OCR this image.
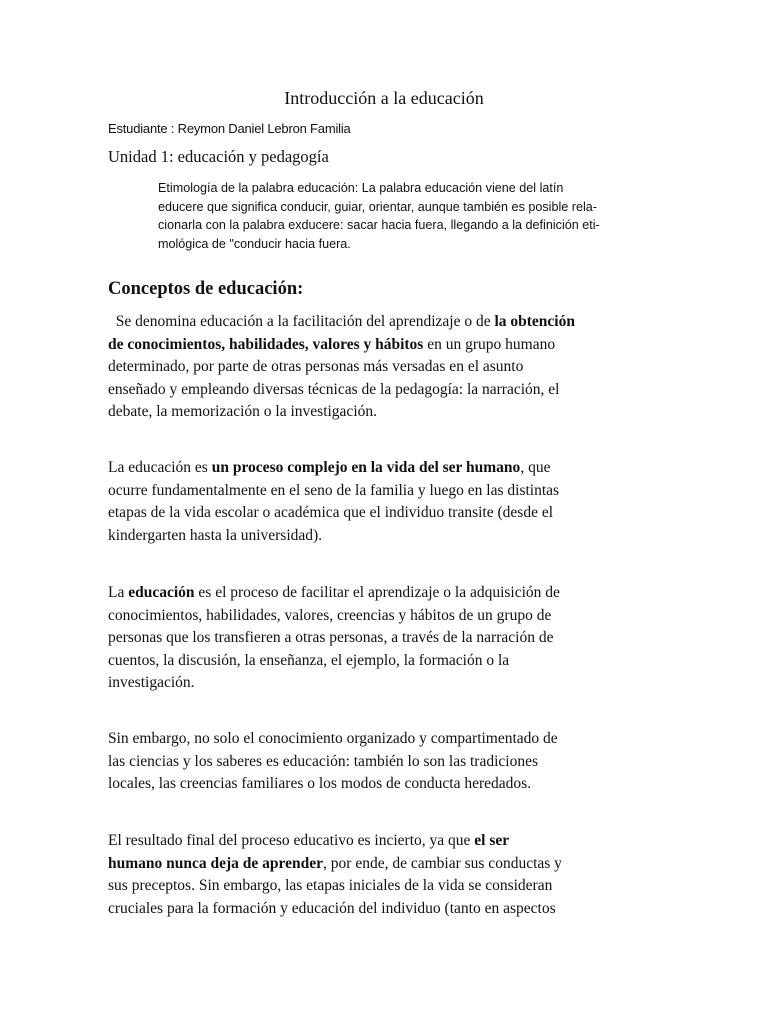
Introducción a la educación
Estudiante : Reymon Daniel Lebron Familia
Unidad 1: educación y pedagogía
Etimología de la palabra educación: La palabra educación viene del latín
educere que significa conducir, guiar, orientar, aunque también es posible rela-
cionarla con la palabra exducere: sacar hacia fuera, llegando a la definición eti-
mológica de "conducir hacia fuera.
Conceptos de educación:
Se denomina educación a la facilitación del aprendizaje o de la obtención
de conocimientos, habilidades, valores y hábitos en un grupo humano
determinado, por parte de otras personas más versadas en el asunto
enseñado y empleando diversas técnicas de la pedagogía: la narración, el
debate, la memorización o la investigación.
La educación es un proceso complejo en la vida del ser humano, que
ocurre fundamentalmente en el seno de la familia y luego en las distintas
etapas de la vida escolar o académica que el individuo transite (desde el
kindergarten hasta la universidad).
La educación es el proceso de facilitar el aprendizaje o la adquisición de
conocimientos, habilidades, valores, creencias y hábitos de un grupo de
personas que los transfieren a otras personas, a través de la narración de
cuentos, la discusión, la enseñanza, el ejemplo, la formación o la
investigación.
Sin embargo, no solo el conocimiento organizado y compartimentado de
las ciencias y los saberes es educación: también lo son las tradiciones
locales, las creencias familiares o los modos de conducta heredados.
El resultado final del proceso educativo es incierto, ya que el ser
humano nunca deja de aprender, por ende, de cambiar sus conductas y
sus preceptos. Sin embargo, las etapas iniciales de la vida se consideran
cruciales para la formación y educación del individuo (tanto en aspectos
